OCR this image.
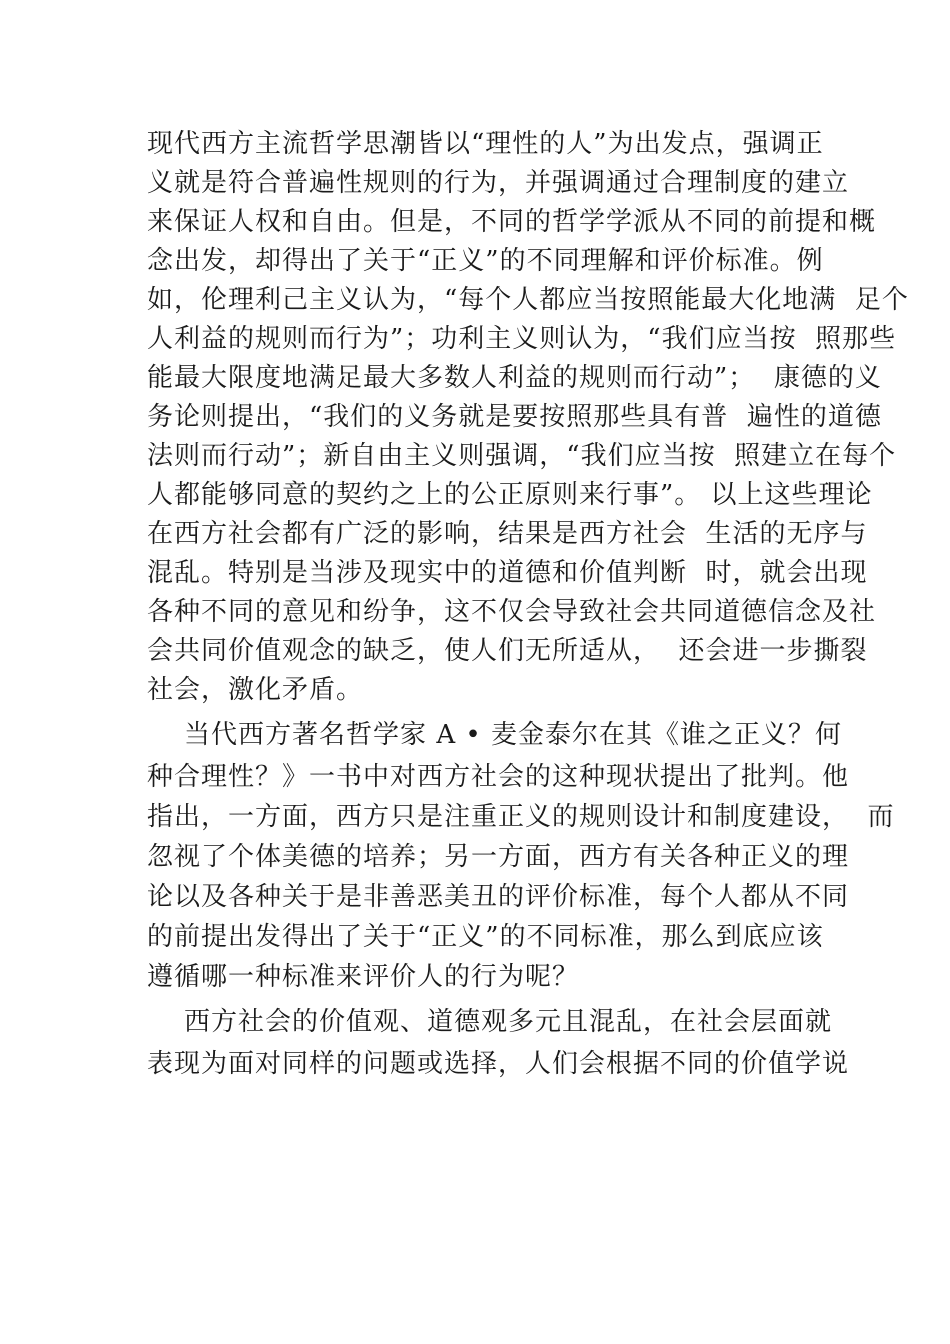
现代西方主流哲学思潮皆以“理性的人”为出发点，强调正
义就是符合普遍性规则的行为，并强调通过合理制度的建立
来保证人权和自由。但是，不同的哲学学派从不同的前提和概
念出发，却得出了关于“正义”的不同理解和评价标准。例
如，伦理利己主义认为，“每个人都应当按照能最大化地满  足个
人利益的规则而行为”；功利主义则认为，“我们应当按  照那些
能最大限度地满足最大多数人利益的规则而行动”；  康德的义
务论则提出，“我们的义务就是要按照那些具有普  遍性的道德
法则而行动”；新自由主义则强调，“我们应当按  照建立在每个
人都能够同意的契约之上的公正原则来行事”。 以上这些理论
在西方社会都有广泛的影响，结果是西方社会  生活的无序与
混乱。特别是当涉及现实中的道德和价值判断  时，就会出现
各种不同的意见和纷争，这不仅会导致社会共同道德信念及社
会共同价值观念的缺乏，使人们无所适从，  还会进一步撕裂
社会，激化矛盾。
当代西方著名哲学家 A • 麦金泰尔在其《谁之正义？何
种合理性？》一书中对西方社会的这种现状提出了批判。他
指出，一方面，西方只是注重正义的规则设计和制度建设，  而
忽视了个体美德的培养；另一方面，西方有关各种正义的理
论以及各种关于是非善恶美丑的评价标准，每个人都从不同
的前提出发得出了关于“正义”的不同标准，那么到底应该
遵循哪一种标准来评价人的行为呢？
西方社会的价值观、道德观多元且混乱，在社会层面就
表现为面对同样的问题或选择，人们会根据不同的价值学说
